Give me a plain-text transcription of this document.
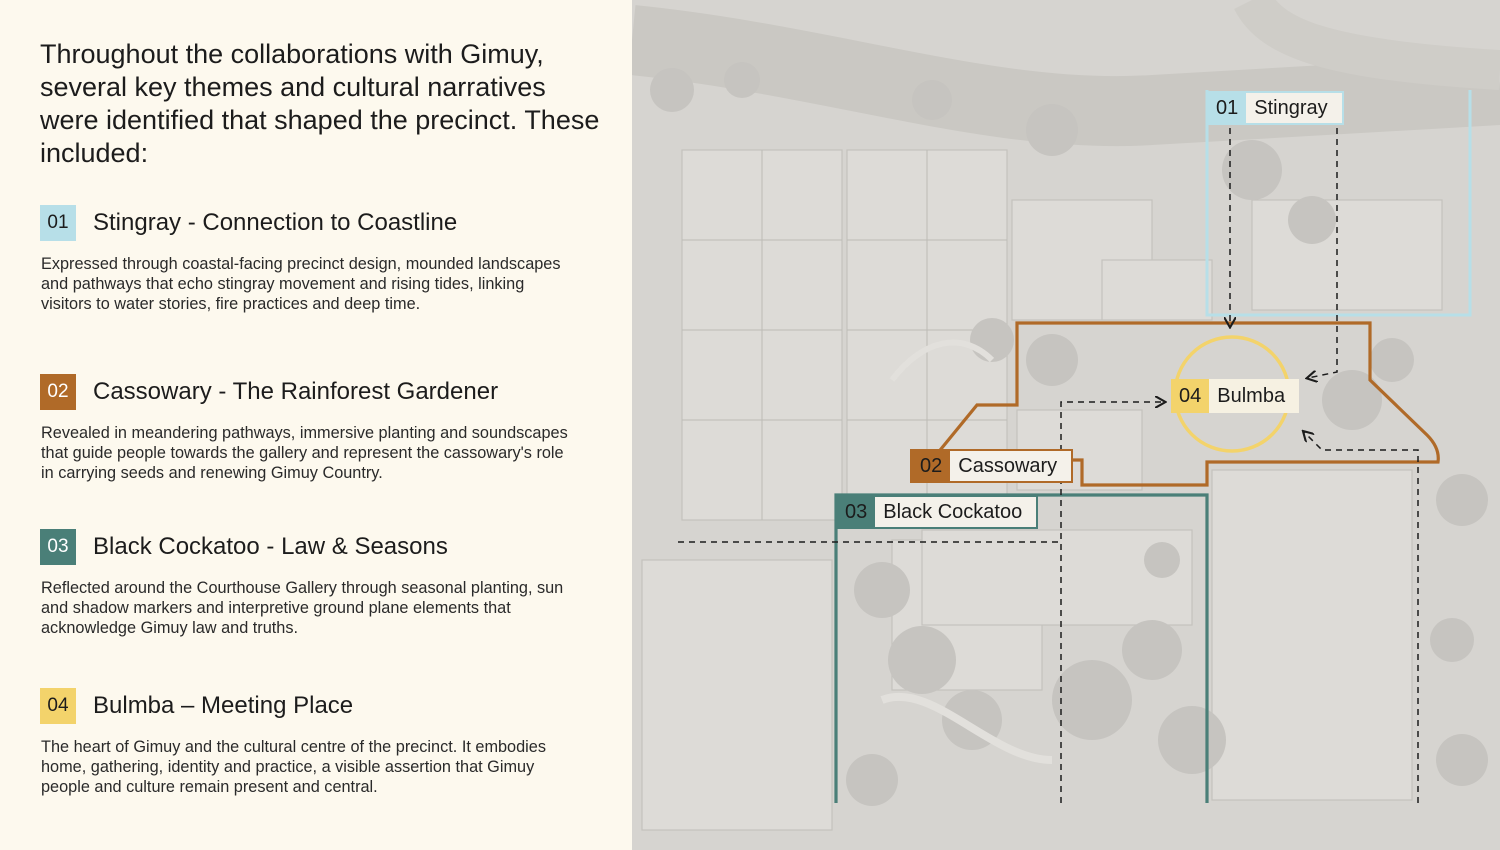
Throughout the collaborations with Gimuy, several key themes and cultural narratives were identified that shaped the precinct. These included:

01	Stingray - Connection to Coastline
Expressed through coastal-facing precinct design, mounded landscapes and pathways that echo stingray movement and rising tides, linking visitors to water stories, fire practices and deep time.
02	Cassowary - The Rainforest Gardener
Revealed in meandering pathways, immersive planting and soundscapes that guide people towards the gallery and represent the cassowary's role in carrying seeds and renewing Gimuy Country.
03	Black Cockatoo - Law & Seasons
Reflected around the Courthouse Gallery through seasonal planting, sun and shadow markers and interpretive ground plane elements that acknowledge Gimuy law and truths.
04	Bulmba – Meeting Place
The heart of Gimuy and the cultural centre of the precinct. It embodies home, gathering, identity and practice, a visible assertion that Gimuy people and culture remain present and central.
01 Stingray
04 Bulmba
02 Cassowary
03 Black Cockatoo
